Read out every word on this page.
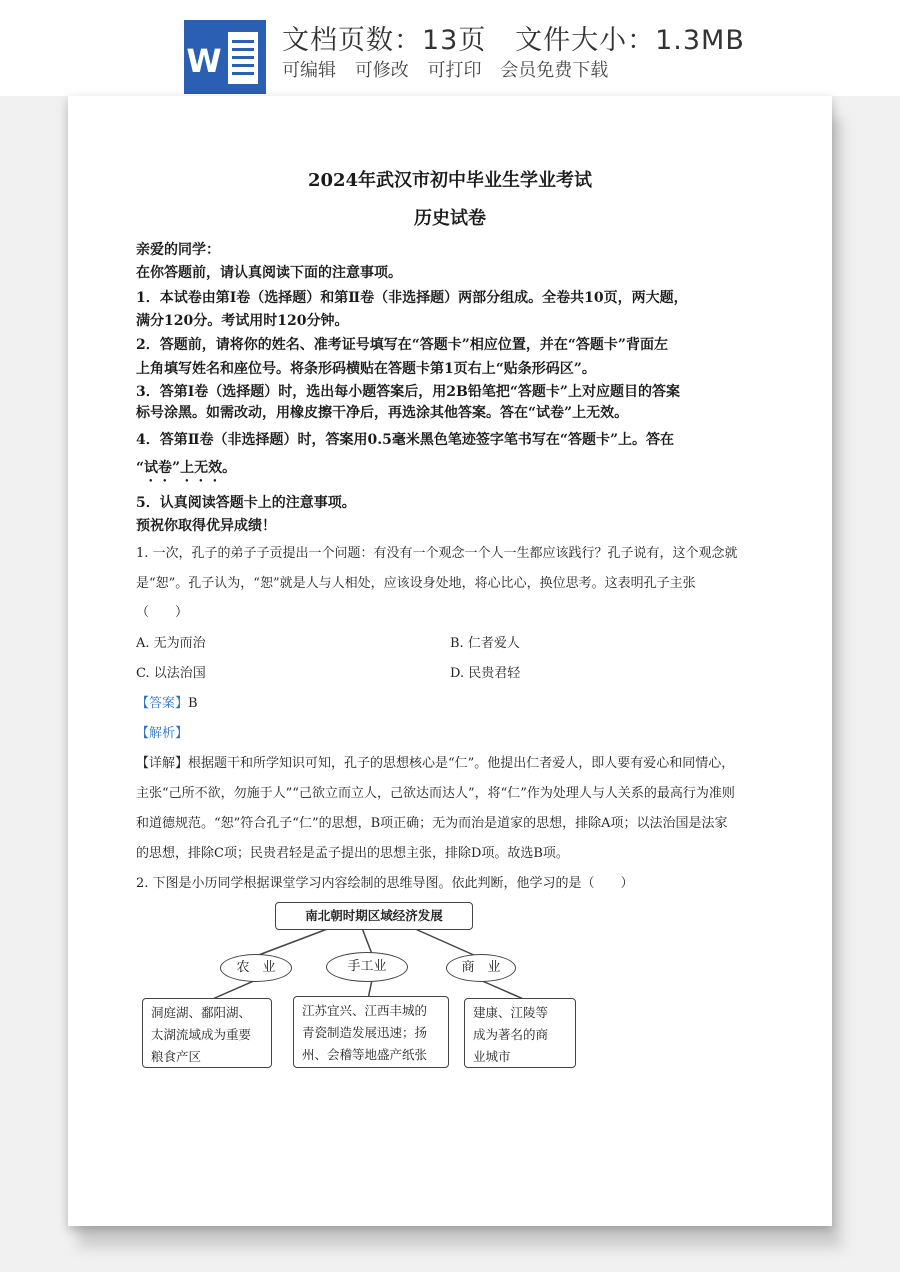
W
文档页数：13页   文件大小：1.3MB
可编辑 可修改 可打印 会员免费下载
2024年武汉市初中毕业生学业考试
历史试卷
亲爱的同学：
在你答题前，请认真阅读下面的注意事项。
1．本试卷由第Ⅰ卷（选择题）和第Ⅱ卷（非选择题）两部分组成。全卷共10页，两大题，
满分120分。考试用时120分钟。
2．答题前，请将你的姓名、准考证号填写在“答题卡”相应位置，并在“答题卡”背面左
上角填写姓名和座位号。将条形码横贴在答题卡第1页右上“贴条形码区”。
3．答第Ⅰ卷（选择题）时，选出每小题答案后，用2B铅笔把“答题卡”上对应题目的答案
标号涂黑。如需改动，用橡皮擦干净后，再选涂其他答案。答在“试卷”上无效。
4．答第Ⅱ卷（非选择题）时，答案用0.5毫米黑色笔迹签字笔书写在“答题卡”上。答在
“试卷”上无效。
5．认真阅读答题卡上的注意事项。
预祝你取得优异成绩！
1. 一次，孔子的弟子子贡提出一个问题：有没有一个观念一个人一生都应该践行？孔子说有，这个观念就
是“恕”。孔子认为，“恕”就是人与人相处，应该设身处地，将心比心，换位思考。这表明孔子主张
（　　）
A. 无为而治	B. 仁者爱人
C. 以法治国	D. 民贵君轻
【答案】B
【解析】
【详解】根据题干和所学知识可知，孔子的思想核心是“仁”。他提出仁者爱人，即人要有爱心和同情心，
主张“己所不欲，勿施于人”“己欲立而立人，己欲达而达人”，将“仁”作为处理人与人关系的最高行为准则
和道德规范。“恕”符合孔子“仁”的思想，B项正确；无为而治是道家的思想，排除A项；以法治国是法家
的思想，排除C项；民贵君轻是孟子提出的思想主张，排除D项。故选B项。
2. 下图是小历同学根据课堂学习内容绘制的思维导图。依此判断，他学习的是（　　）
南北朝时期区域经济发展
农　业	手工业	商　业
洞庭湖、鄱阳湖、
太湖流域成为重要
粮食产区
江苏宜兴、江西丰城的
青瓷制造发展迅速；扬
州、会稽等地盛产纸张
建康、江陵等
成为著名的商
业城市
